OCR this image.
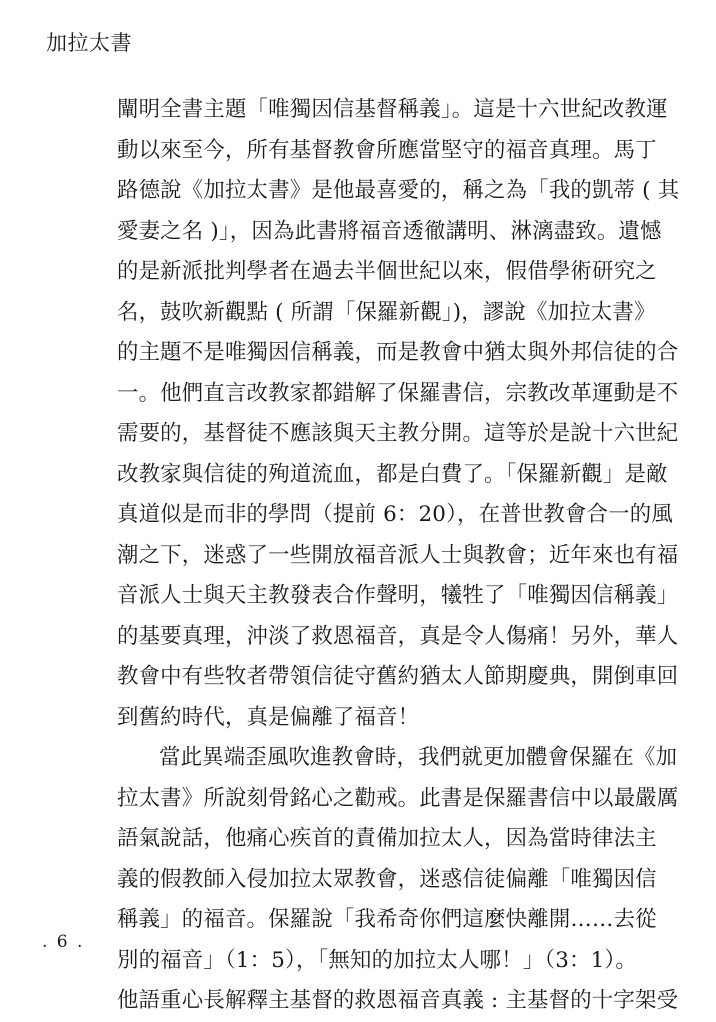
加拉太書
闡明全書主題「唯獨因信基督稱義」。這是十六世紀改教運
動以來至今，所有基督教會所應當堅守的福音真理。馬丁
路德說《加拉太書》是他最喜愛的，稱之為「我的凱蒂 ( 其
愛妻之名 )」，因為此書將福音透徹講明、淋漓盡致。遺憾
的是新派批判學者在過去半個世紀以來，假借學術研究之
名，鼓吹新觀點 ( 所謂「保羅新觀」)，謬說《加拉太書》
的主題不是唯獨因信稱義，而是教會中猶太與外邦信徒的合
一。他們直言改教家都錯解了保羅書信，宗教改革運動是不
需要的，基督徒不應該與天主教分開。這等於是說十六世紀
改教家與信徒的殉道流血，都是白費了。「保羅新觀」是敵
真道似是而非的學問（提前 6：20），在普世教會合一的風
潮之下，迷惑了一些開放福音派人士與教會；近年來也有福
音派人士與天主教發表合作聲明，犧牲了「唯獨因信稱義」
的基要真理，沖淡了救恩福音，真是令人傷痛！另外，華人
教會中有些牧者帶領信徒守舊約猶太人節期慶典，開倒車回
到舊約時代，真是偏離了福音！
當此異端歪風吹進教會時，我們就更加體會保羅在《加
拉太書》所說刻骨銘心之勸戒。此書是保羅書信中以最嚴厲
語氣說話，他痛心疾首的責備加拉太人，因為當時律法主
義的假教師入侵加拉太眾教會，迷惑信徒偏離「唯獨因信
稱義」的福音。保羅說「我希奇你們這麼快離開……去從
別的福音」（1：5），「無知的加拉太人哪！」（3：1）。
他語重心長解釋主基督的救恩福音真義 : 主基督的十字架受
. 6 .
